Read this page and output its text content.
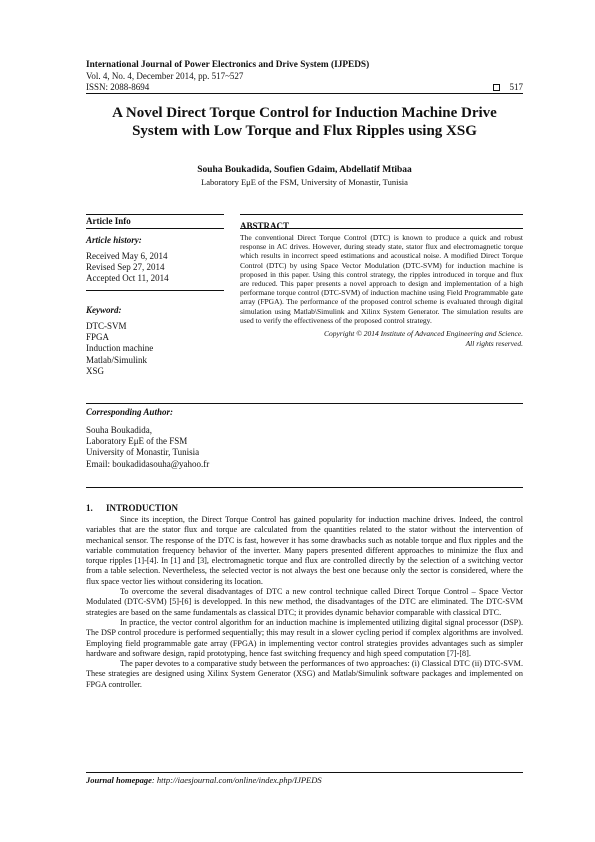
International Journal of Power Electronics and Drive System (IJPEDS)
Vol. 4, No. 4, December 2014, pp. 517~527
ISSN: 2088-8694	517
A Novel Direct Torque Control for Induction Machine Drive
System with Low Torque and Flux Ripples using XSG
Souha Boukadida, Soufien Gdaim, Abdellatif Mtibaa
Laboratory EμE of the FSM, University of Monastir, Tunisia
Article Info
Article history:
Received May 6, 2014
Revised Sep 27, 2014
Accepted Oct 11, 2014
Keyword:
DTC-SVM
FPGA
Induction machine
Matlab/Simulink
XSG
ABSTRACT
The conventional Direct Torque Control (DTC) is known to produce a quick and robust response in AC drives. However, during steady state, stator flux and electromagnetic torque which results in incorrect speed estimations and acoustical noise. A modified Direct Torque Control (DTC) by using Space Vector Modulation (DTC-SVM) for induction machine is proposed in this paper. Using this control strategy, the ripples introduced in torque and flux are reduced. This paper presents a novel approach to design and implementation of a high performane torque control (DTC-SVM) of induction machine using Field Programmable gate array (FPGA). The performance of the proposed control scheme is evaluated through digital simulation using Matlab\Simulink and Xilinx System Generator. The simulation results are used to verify the effectiveness of the proposed control strategy.
Copyright © 2014 Institute of Advanced Engineering and Science.
All rights reserved.
Corresponding Author:
Souha Boukadida,
Laboratory EμE of the FSM
University of Monastir, Tunisia
Email: boukadidasouha@yahoo.fr
1. INTRODUCTION

Since its inception, the Direct Torque Control has gained popularity for induction machine drives. Indeed, the control variables that are the stator flux and torque are calculated from the quantities related to the stator without the intervention of mechanical sensor. The response of the DTC is fast, however it has some drawbacks such as notable torque and flux ripples and the variable commutation frequency behavior of the inverter. Many papers presented different approaches to minimize the flux and torque ripples [1]-[4]. In [1] and [3], electromagnetic torque and flux are controlled directly by the selection of a switching vector from a table selection. Nevertheless, the selected vector is not always the best one because only the sector is considered, where the flux space vector lies without considering its location.

To overcome the several disadvantages of DTC a new control technique called Direct Torque Control – Space Vector Modulated (DTC-SVM) [5]-[6] is developped. In this new method, the disadvantages of the DTC are eliminated. The DTC-SVM strategies are based on the same fundamentals as classical DTC; it provides dynamic behavior comparable with classical DTC.

In practice, the vector control algorithm for an induction machine is implemented utilizing digital signal processor (DSP). The DSP control procedure is performed sequentially; this may result in a slower cycling period if complex algorithms are involved. Employing field programmable gate array (FPGA) in implementing vector control strategies provides advantages such as simpler hardware and software design, rapid prototyping, hence fast switching frequency and high speed computation [7]-[8].

The paper devotes to a comparative study between the performances of two approaches: (i) Classical DTC (ii) DTC-SVM. These strategies are designed using Xilinx System Generator (XSG) and Matlab/Simulink software packages and implemented on FPGA controller.

Journal homepage: http://iaesjournal.com/online/index.php/IJPEDS
